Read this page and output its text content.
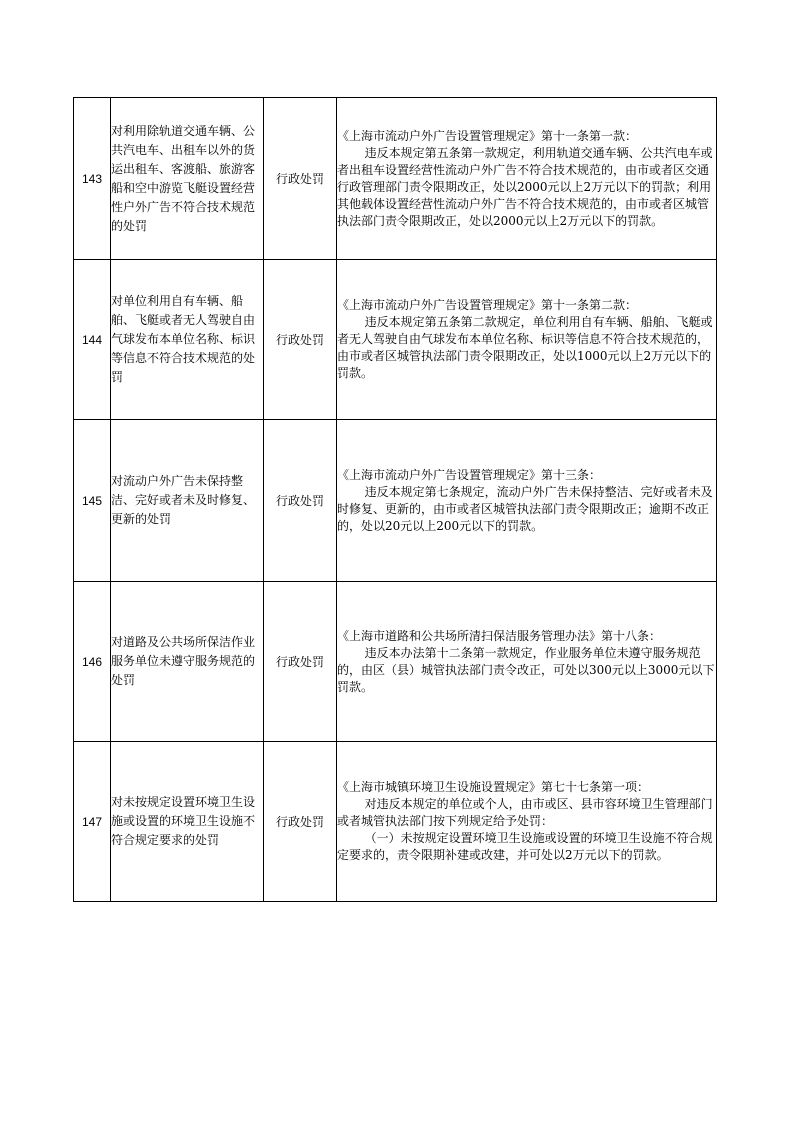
143	对利用除轨道交通车辆、公共汽电车、出租车以外的货运出租车、客渡船、旅游客船和空中游览飞艇设置经营性户外广告不符合技术规范的处罚	行政处罚	《上海市流动户外广告设置管理规定》第十一条第一款：

违反本规定第五条第一款规定，利用轨道交通车辆、公共汽电车或者出租车设置经营性流动户外广告不符合技术规范的，由市或者区交通行政管理部门责令限期改正，处以2000元以上2万元以下的罚款；利用其他载体设置经营性流动户外广告不符合技术规范的，由市或者区城管执法部门责令限期改正，处以2000元以上2万元以下的罚款。

144	对单位利用自有车辆、船舶、飞艇或者无人驾驶自由气球发布本单位名称、标识等信息不符合技术规范的处罚	行政处罚	《上海市流动户外广告设置管理规定》第十一条第二款：

违反本规定第五条第二款规定，单位利用自有车辆、船舶、飞艇或者无人驾驶自由气球发布本单位名称、标识等信息不符合技术规范的，由市或者区城管执法部门责令限期改正，处以1000元以上2万元以下的罚款。

145	对流动户外广告未保持整洁、完好或者未及时修复、更新的处罚	行政处罚	《上海市流动户外广告设置管理规定》第十三条：

违反本规定第七条规定，流动户外广告未保持整洁、完好或者未及时修复、更新的，由市或者区城管执法部门责令限期改正；逾期不改正的，处以20元以上200元以下的罚款。

146	对道路及公共场所保洁作业服务单位未遵守服务规范的处罚	行政处罚	《上海市道路和公共场所清扫保洁服务管理办法》第十八条：

违反本办法第十二条第一款规定，作业服务单位未遵守服务规范的，由区（县）城管执法部门责令改正，可处以300元以上3000元以下罚款。

147	对未按规定设置环境卫生设施或设置的环境卫生设施不符合规定要求的处罚	行政处罚	《上海市城镇环境卫生设施设置规定》第七十七条第一项：

对违反本规定的单位或个人，由市或区、县市容环境卫生管理部门或者城管执法部门按下列规定给予处罚：

（一）未按规定设置环境卫生设施或设置的环境卫生设施不符合规定要求的，责令限期补建或改建，并可处以2万元以下的罚款。
